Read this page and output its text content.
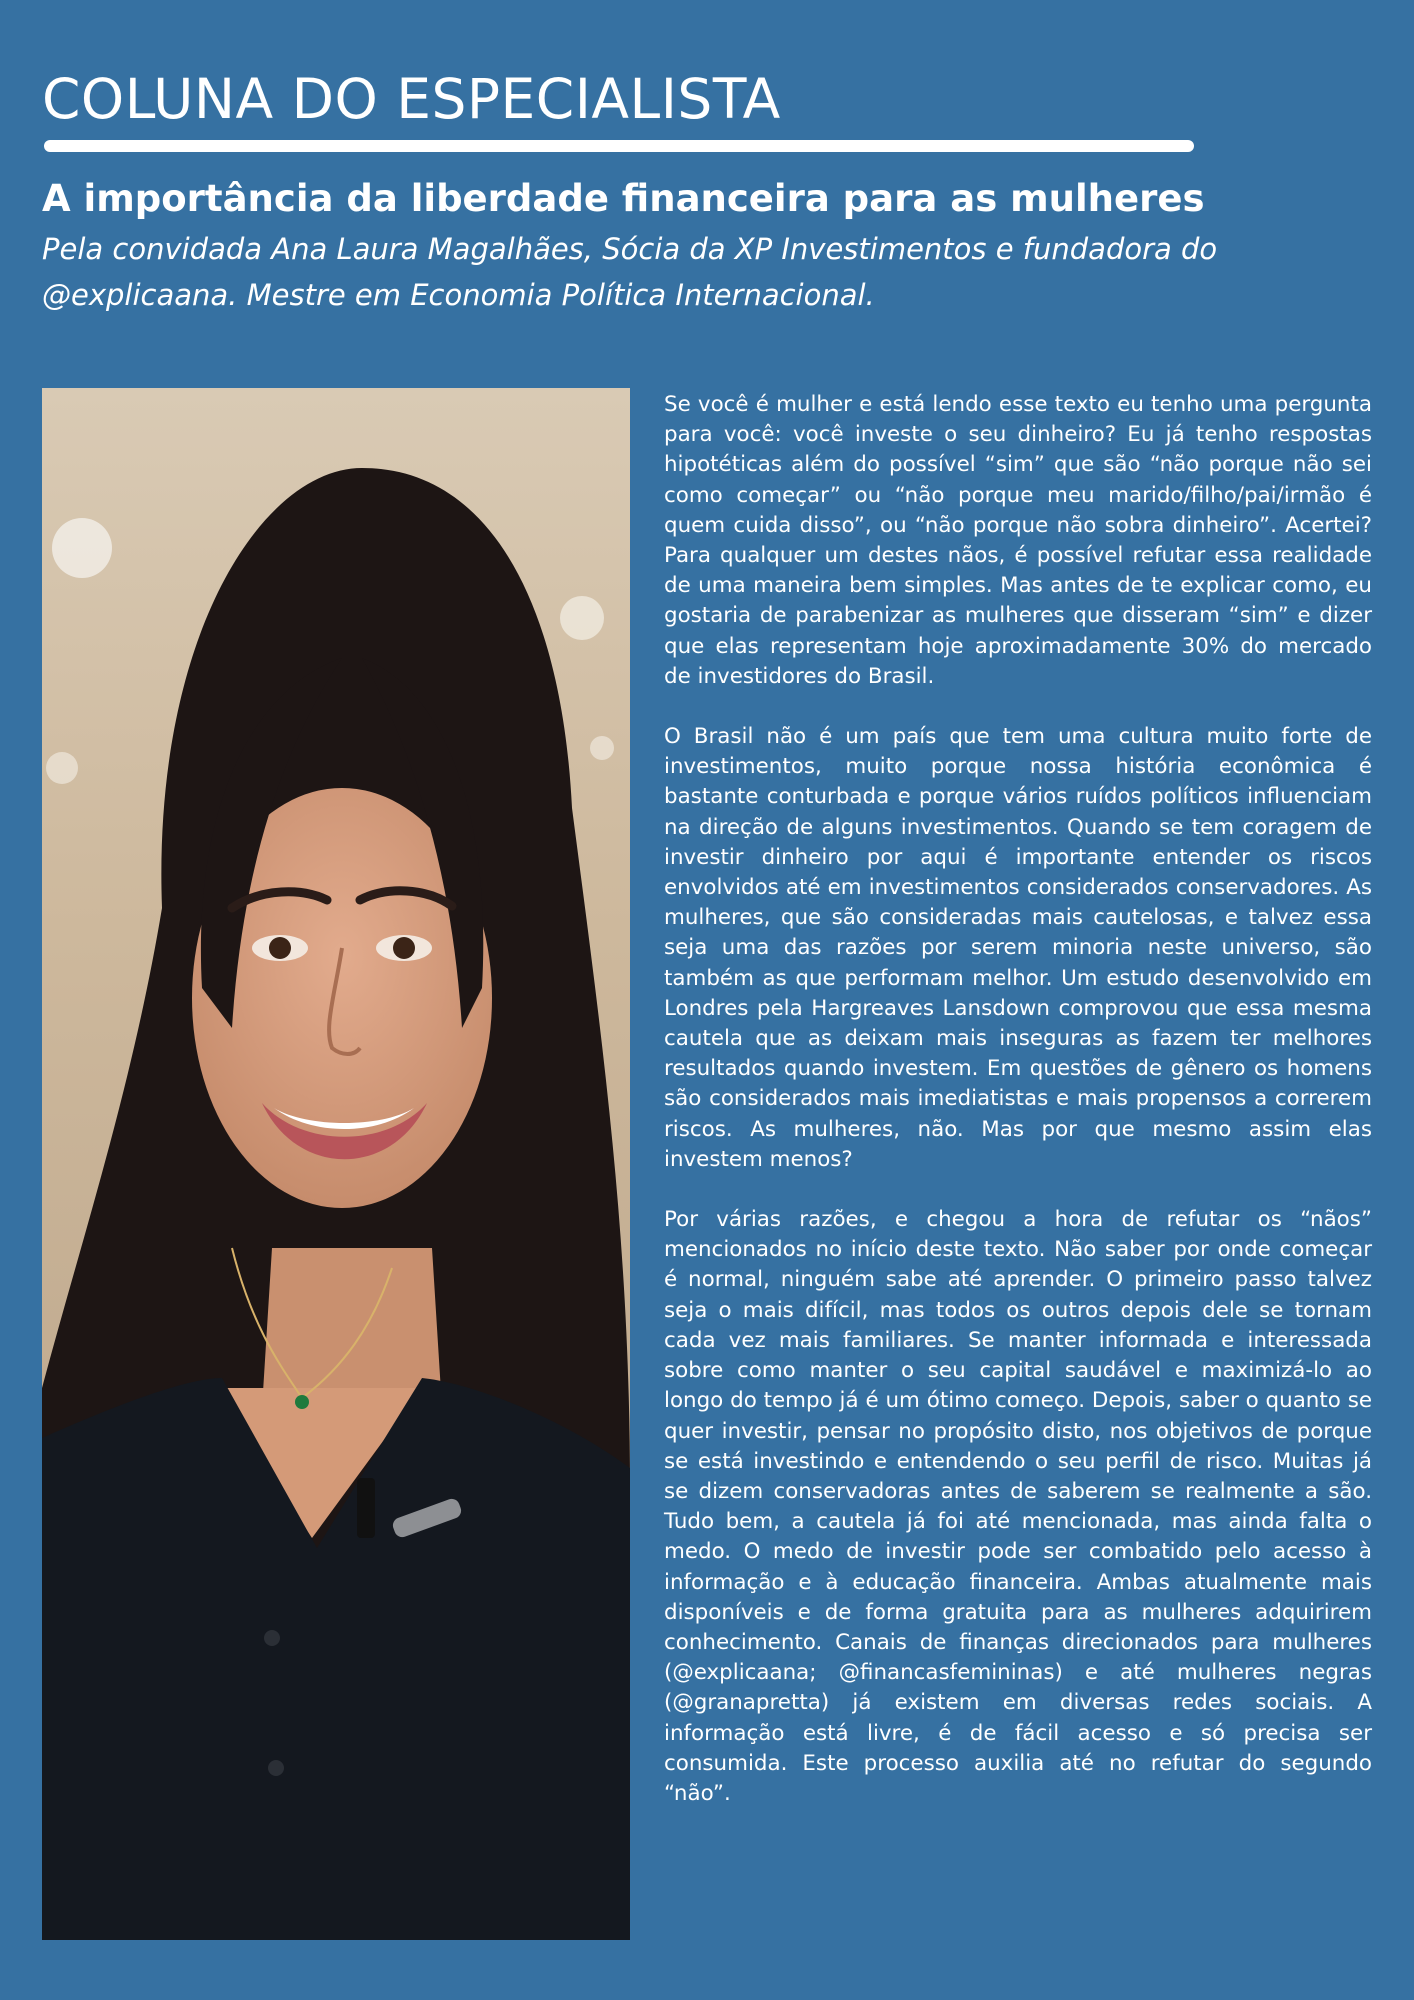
COLUNA DO ESPECIALISTA
A importância da liberdade financeira para as mulheres

Pela convidada Ana Laura Magalhães, Sócia da XP Investimentos e fundadora do @explicaana. Mestre em Economia Política Internacional.

Se você é mulher e está lendo esse texto eu tenho uma pergunta para você: você investe o seu dinheiro? Eu já tenho respostas hipotéticas além do possível “sim” que são “não porque não sei como começar” ou “não porque meu marido/filho/pai/irmão é quem cuida disso”, ou “não porque não sobra dinheiro”. Acertei? Para qualquer um destes nãos, é possível refutar essa realidade de uma maneira bem simples. Mas antes de te explicar como, eu gostaria de parabenizar as mulheres que disseram “sim” e dizer que elas representam hoje aproximadamente 30% do mercado de investidores do Brasil.

O Brasil não é um país que tem uma cultura muito forte de investimentos, muito porque nossa história econômica é bastante conturbada e porque vários ruídos políticos influenciam na direção de alguns investimentos. Quando se tem coragem de investir dinheiro por aqui é importante entender os riscos envolvidos até em investimentos considerados conservadores. As mulheres, que são consideradas mais cautelosas, e talvez essa seja uma das razões por serem minoria neste universo, são também as que performam melhor. Um estudo desenvolvido em Londres pela Hargreaves Lansdown comprovou que essa mesma cautela que as deixam mais inseguras as fazem ter melhores resultados quando investem. Em questões de gênero os homens são considerados mais imediatistas e mais propensos a correrem riscos. As mulheres, não. Mas por que mesmo assim elas investem menos?

Por várias razões, e chegou a hora de refutar os “nãos” mencionados no início deste texto. Não saber por onde começar é normal, ninguém sabe até aprender. O primeiro passo talvez seja o mais difícil, mas todos os outros depois dele se tornam cada vez mais familiares. Se manter informada e interessada sobre como manter o seu capital saudável e maximizá-lo ao longo do tempo já é um ótimo começo. Depois, saber o quanto se quer investir, pensar no propósito disto, nos objetivos de porque se está investindo e entendendo o seu perfil de risco. Muitas já se dizem conservadoras antes de saberem se realmente a são. Tudo bem, a cautela já foi até mencionada, mas ainda falta o medo. O medo de investir pode ser combatido pelo acesso à informação e à educação financeira. Ambas atualmente mais disponíveis e de forma gratuita para as mulheres adquirirem conhecimento. Canais de finanças direcionados para mulheres (@explicaana; @financasfemininas) e até mulheres negras (@granapretta) já existem em diversas redes sociais. A informação está livre, é de fácil acesso e só precisa ser consumida. Este processo auxilia até no refutar do segundo “não”.
